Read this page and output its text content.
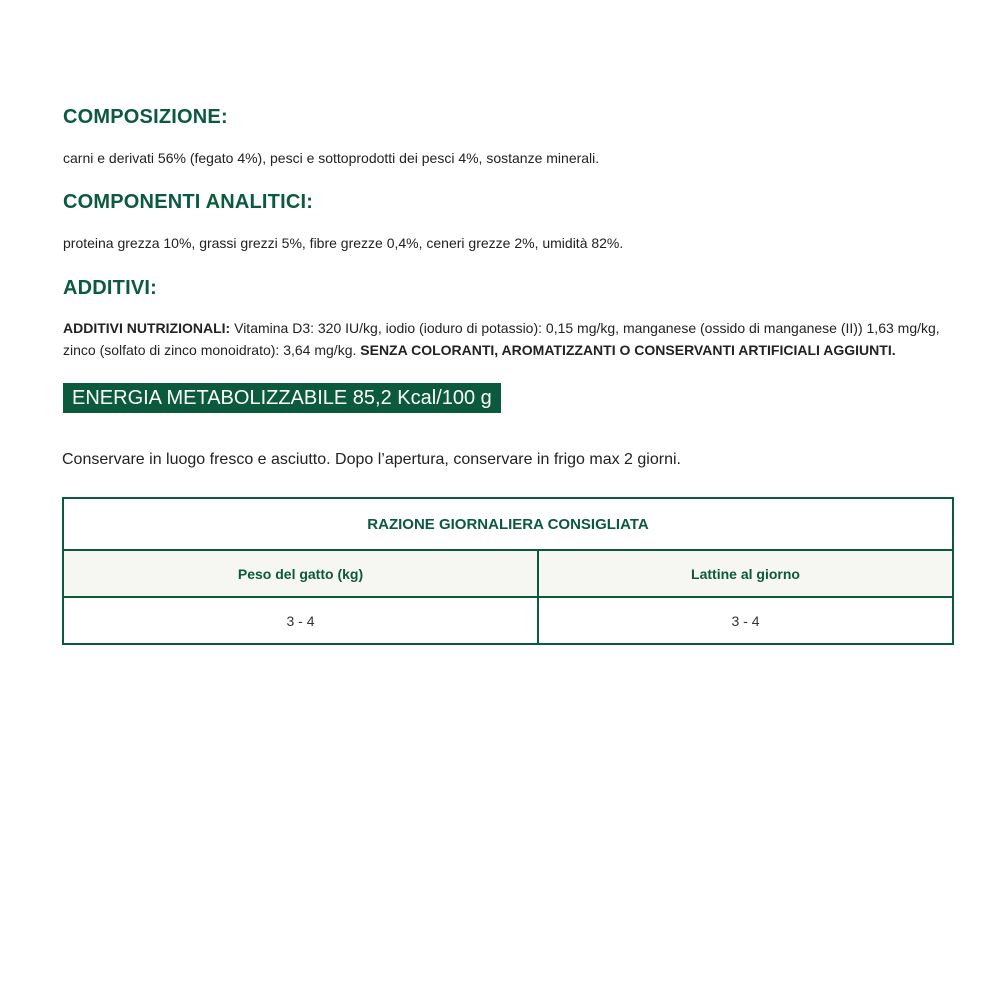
COMPOSIZIONE:

carni e derivati 56% (fegato 4%), pesci e sottoprodotti dei pesci 4%, sostanze minerali.

COMPONENTI ANALITICI:

proteina grezza 10%, grassi grezzi 5%, fibre grezze 0,4%, ceneri grezze 2%, umidità 82%.

ADDITIVI:

ADDITIVI NUTRIZIONALI: Vitamina D3: 320 IU/kg, iodio (ioduro di potassio): 0,15 mg/kg, manganese (ossido di manganese (II)) 1,63 mg/kg, zinco (solfato di zinco monoidrato): 3,64 mg/kg. SENZA COLORANTI, AROMATIZZANTI O CONSERVANTI ARTIFICIALI AGGIUNTI.

ENERGIA METABOLIZZABILE 85,2 Kcal/100 g

Conservare in luogo fresco e asciutto. Dopo l’apertura, conservare in frigo max 2 giorni.

RAZIONE GIORNALIERA CONSIGLIATA	
Peso del gatto (kg)	Lattine al giorno
3 - 4	3 - 4
